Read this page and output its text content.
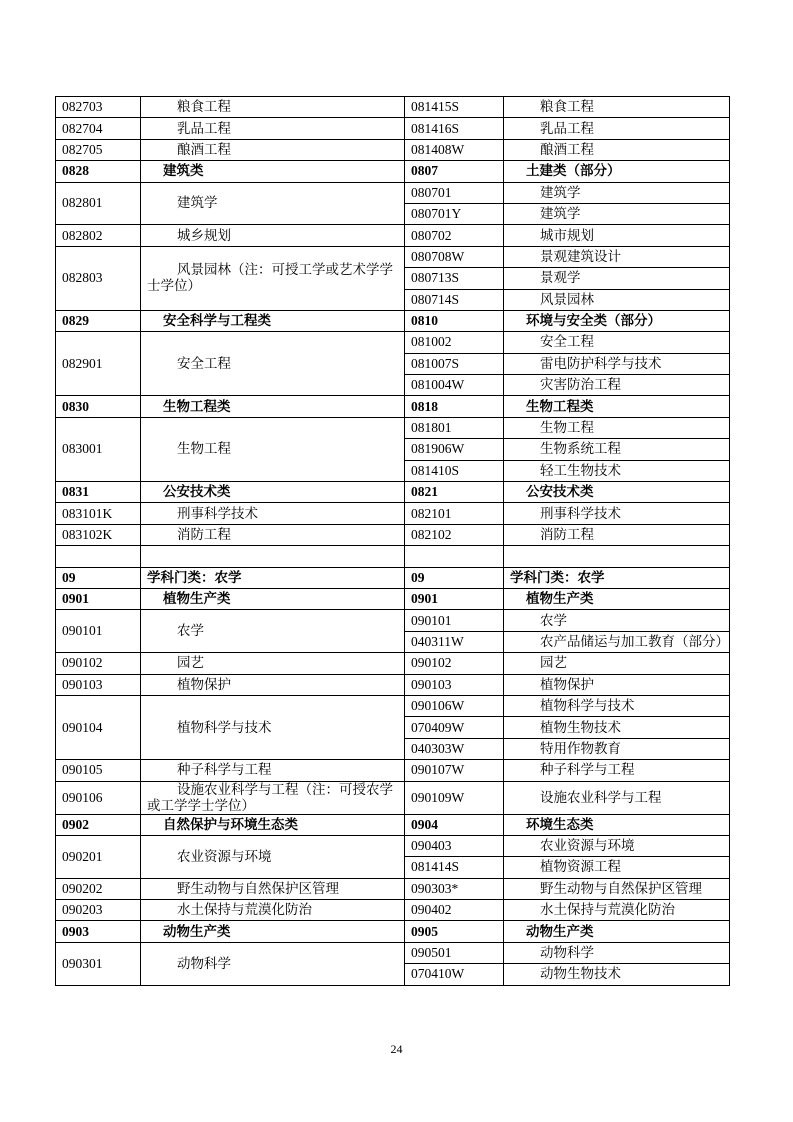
082703	粮食工程	081415S	粮食工程
082704	乳品工程	081416S	乳品工程
082705	酿酒工程	081408W	酿酒工程
0828	建筑类	0807	土建类（部分）
082801	建筑学	080701	建筑学
		080701Y	建筑学
082802	城乡规划	080702	城市规划
082803	风景园林（注：可授工学或艺术学学士学位）	080708W	景观建筑设计
		080713S	景观学
		080714S	风景园林
0829	安全科学与工程类	0810	环境与安全类（部分）
082901	安全工程	081002	安全工程
		081007S	雷电防护科学与技术
		081004W	灾害防治工程
0830	生物工程类	0818	生物工程类
083001	生物工程	081801	生物工程
		081906W	生物系统工程
		081410S	轻工生物技术
0831	公安技术类	0821	公安技术类
083101K	刑事科学技术	082101	刑事科学技术
083102K	消防工程	082102	消防工程

09	学科门类：农学	09	学科门类：农学
0901	植物生产类	0901	植物生产类
090101	农学	090101	农学
		040311W	农产品储运与加工教育（部分）
090102	园艺	090102	园艺
090103	植物保护	090103	植物保护
090104	植物科学与技术	090106W	植物科学与技术
		070409W	植物生物技术
		040303W	特用作物教育
090105	种子科学与工程	090107W	种子科学与工程
090106	设施农业科学与工程（注：可授农学或工学学士学位）	090109W	设施农业科学与工程
0902	自然保护与环境生态类	0904	环境生态类
090201	农业资源与环境	090403	农业资源与环境
		081414S	植物资源工程
090202	野生动物与自然保护区管理	090303*	野生动物与自然保护区管理
090203	水土保持与荒漠化防治	090402	水土保持与荒漠化防治
0903	动物生产类	0905	动物生产类
090301	动物科学	090501	动物科学
		070410W	动物生物技术
24
